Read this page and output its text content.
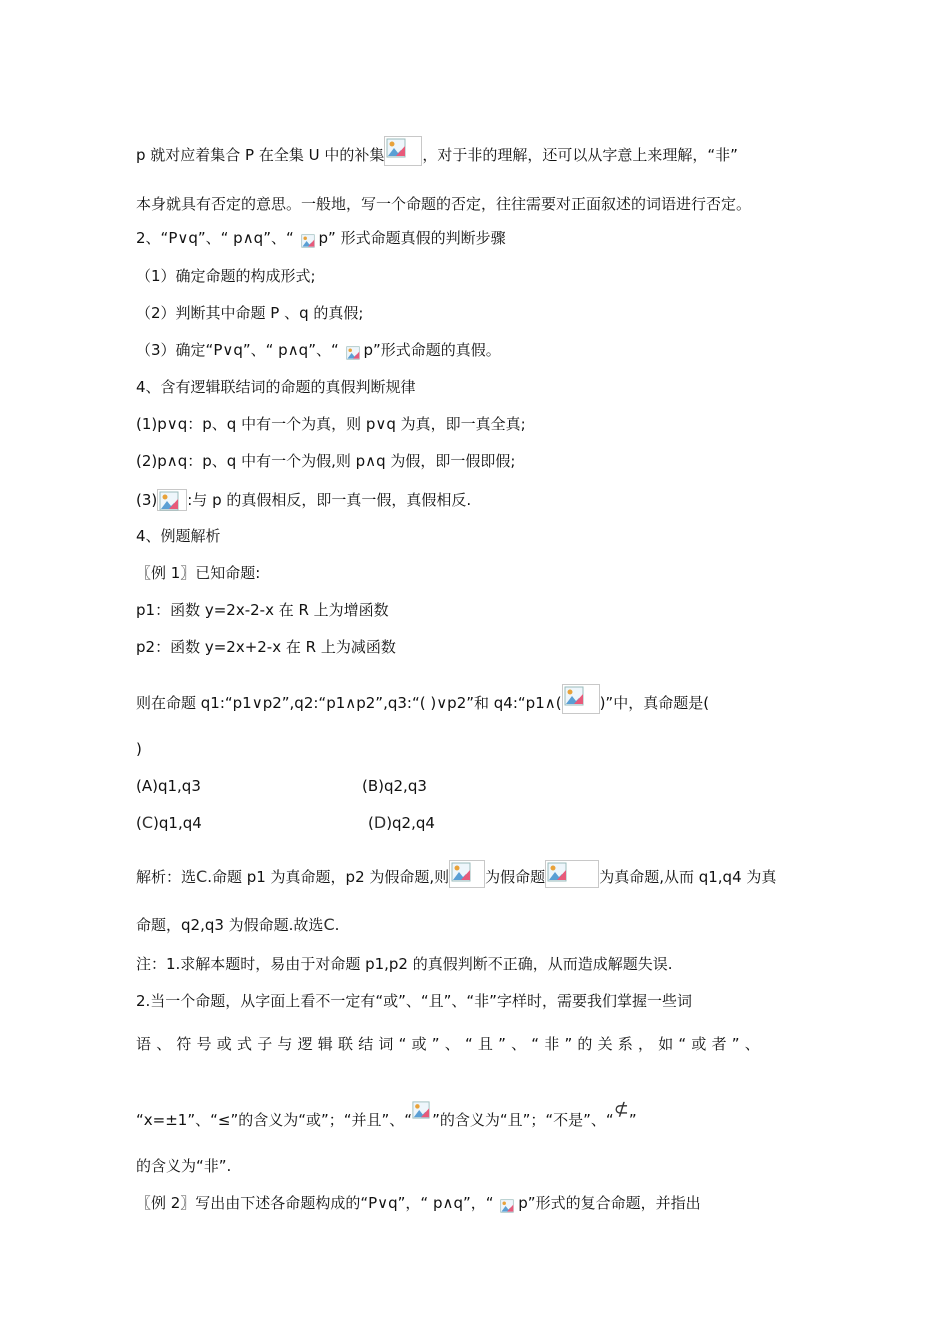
p 就对应着集合 P 在全集 U 中的补集	，对于非的理解，还可以从字意上来理解，“非”
本身就具有否定的意思。一般地，写一个命题的否定，往往需要对正面叙述的词语进行否定。
2、“P∨q”、“ p∧q”、“
p” 形式命题真假的判断步骤
（1）确定命题的构成形式;
（2）判断其中命题 P 、q 的真假;
（3）确定“P∨q”、“ p∧q”、“
p”形式命题的真假。
4、含有逻辑联结词的命题的真假判断规律
(1)p∨q：p、q 中有一个为真，则 p∨q 为真，即一真全真;
(2)p∧q：p、q 中有一个为假,则 p∧q 为假，即一假即假;
(3) :与 p 的真假相反，即一真一假，真假相反.
4、例题解析
〖例 1〗已知命题:
p1：函数 y=2x-2-x 在 R 上为增函数
p2：函数 y=2x+2-x 在 R 上为减函数
则在命题 q1:“p1∨p2”,q2:“p1∧p2”,q3:“( )∨p2”和 q4:“p1∧(	)”中，真命题是(
)
(A)q1,q3	(B)q2,q3
(C)q1,q4	(D)q2,q4
解析：选C.命题 p1 为真命题，p2 为假命题,则 为假命题	为真命题,从而 q1,q4 为真
命题，q2,q3 为假命题.故选C.
注：1.求解本题时，易由于对命题 p1,p2 的真假判断不正确，从而造成解题失误.
2.当一个命题，从字面上看不一定有“或”、“且”、“非”字样时，需要我们掌握一些词
语、符号或式子与逻辑联结词“或”、“且”、“非”的关系，如“或者”、
“x=±1”、“≤”的含义为“或”；“并且”、“ ”的含义为“且”；“不是”、“⊄”
的含义为“非”.
〖例 2〗写出由下述各命题构成的“P∨q”，“ p∧q”，“
p”形式的复合命题，并指出
